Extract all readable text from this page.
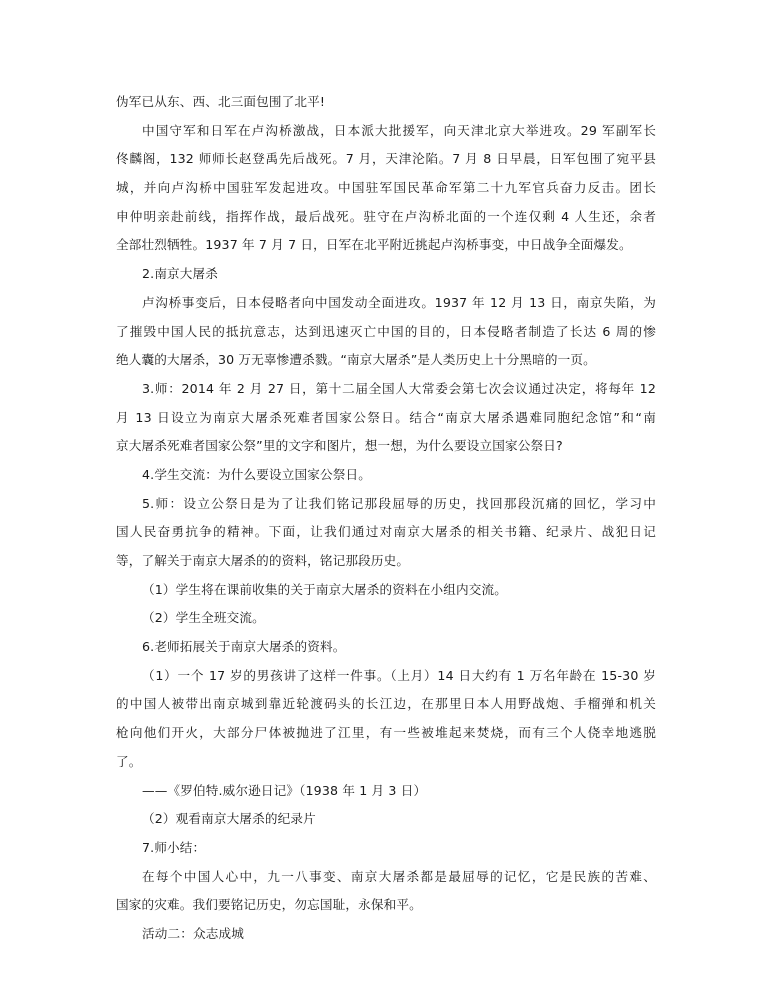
伪军已从东、西、北三面包围了北平!
中国守军和日军在卢沟桥激战，日本派大批援军，向天津北京大举进攻。29 军副军长
佟麟阁，132 师师长赵登禹先后战死。7 月，天津沦陷。7 月 8 日早晨，日军包围了宛平县
城，并向卢沟桥中国驻军发起进攻。中国驻军国民革命军第二十九军官兵奋力反击。团长
申仲明亲赴前线，指挥作战，最后战死。驻守在卢沟桥北面的一个连仅剩 4 人生还，余者
全部壮烈牺牲。1937 年 7 月 7 日，日军在北平附近挑起卢沟桥事变，中日战争全面爆发。
2.南京大屠杀
卢沟桥事变后，日本侵略者向中国发动全面进攻。1937 年 12 月 13 日，南京失陷，为
了摧毁中国人民的抵抗意志，达到迅速灭亡中国的目的，日本侵略者制造了长达 6 周的惨
绝人囊的大屠杀，30 万无辜惨遭杀戮。“南京大屠杀”是人类历史上十分黑暗的一页。
3.师：2014 年 2 月 27 日，第十二届全国人大常委会第七次会议通过决定，将每年 12
月 13 日设立为南京大屠杀死难者国家公祭日。结合“南京大屠杀遇难同胞纪念馆”和“南
京大屠杀死难者国家公祭”里的文字和图片，想一想，为什么要设立国家公祭日?
4.学生交流：为什么要设立国家公祭日。
5.师：设立公祭日是为了让我们铭记那段屈辱的历史，找回那段沉痛的回忆，学习中
国人民奋勇抗争的精神。下面，让我们通过对南京大屠杀的相关书籍、纪录片、战犯日记
等，了解关于南京大屠杀的的资料，铭记那段历史。
（1）学生将在课前收集的关于南京大屠杀的资料在小组内交流。
（2）学生全班交流。
6.老师拓展关于南京大屠杀的资料。
（1）一个 17 岁的男孩讲了这样一件事。（上月）14 日大约有 1 万名年龄在 15-30 岁
的中国人被带出南京城到靠近轮渡码头的长江边，在那里日本人用野战炮、手榴弹和机关
枪向他们开火，大部分尸体被抛进了江里，有一些被堆起来焚烧，而有三个人侥幸地逃脱
了。
——《罗伯特.威尔逊日记》（1938 年 1 月 3 日）
（2）观看南京大屠杀的纪录片
7.师小结：
在每个中国人心中，九一八事变、南京大屠杀都是最屈辱的记忆，它是民族的苦难、
国家的灾难。我们要铭记历史，勿忘国耻，永保和平。
活动二：众志成城
